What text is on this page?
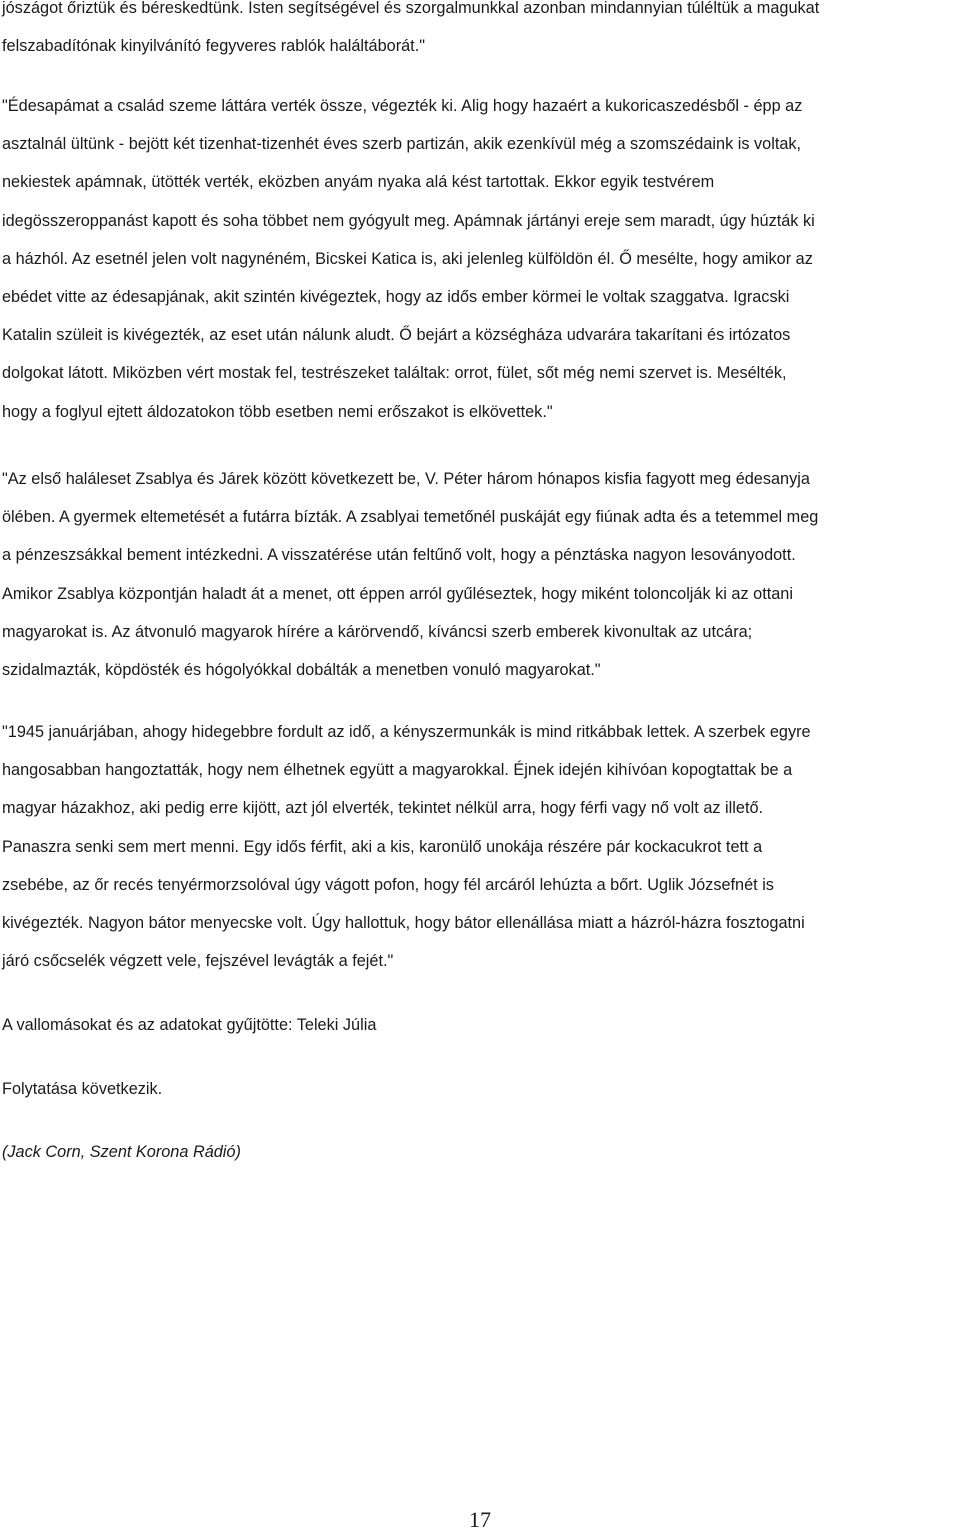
jószágot őriztük és béreskedtünk. Isten segítségével és szorgalmunkkal azonban mindannyian túléltük a magukat
felszabadítónak kinyilvánító fegyveres rablók haláltáborát."
"Édesapámat a család szeme láttára verték össze, végezték ki. Alig hogy hazaért a kukoricaszedésből - épp az
asztalnál ültünk - bejött két tizenhat-tizenhét éves szerb partizán, akik ezenkívül még a szomszédaink is voltak,
nekiestek apámnak, ütötték verték, eközben anyám nyaka alá kést tartottak. Ekkor egyik testvérem
idegösszeroppanást kapott és soha többet nem gyógyult meg. Apámnak jártányi ereje sem maradt, úgy húzták ki
a házhól. Az esetnél jelen volt nagynéném, Bicskei Katica is, aki jelenleg külföldön él. Ő mesélte, hogy amikor az
ebédet vitte az édesapjának, akit szintén kivégeztek, hogy az idős ember körmei le voltak szaggatva. Igracski
Katalin szüleit is kivégezték, az eset után nálunk aludt. Ő bejárt a községháza udvarára takarítani és irtózatos
dolgokat látott. Miközben vért mostak fel, testrészeket találtak: orrot, fület, sőt még nemi szervet is. Mesélték,
hogy a foglyul ejtett áldozatokon több esetben nemi erőszakot is elkövettek."
"Az első haláleset Zsablya és Járek között következett be, V. Péter három hónapos kisfia fagyott meg édesanyja
ölében. A gyermek eltemetését a futárra bízták. A zsablyai temetőnél puskáját egy fiúnak adta és a tetemmel meg
a pénzeszsákkal bement intézkedni. A visszatérése után feltűnő volt, hogy a pénztáska nagyon lesoványodott.
Amikor Zsablya központján haladt át a menet, ott éppen arról gyűléseztek, hogy miként toloncolják ki az ottani
magyarokat is. Az átvonuló magyarok hírére a kárörvendő, kíváncsi szerb emberek kivonultak az utcára;
szidalmazták, köpdösték és hógolyókkal dobálták a menetben vonuló magyarokat."
"1945 januárjában, ahogy hidegebbre fordult az idő, a kényszermunkák is mind ritkábbak lettek. A szerbek egyre
hangosabban hangoztatták, hogy nem élhetnek együtt a magyarokkal. Éjnek idején kihívóan kopogtattak be a
magyar házakhoz, aki pedig erre kijött, azt jól elverték, tekintet nélkül arra, hogy férfi vagy nő volt az illető.
Panaszra senki sem mert menni. Egy idős férfit, aki a kis, karonülő unokája részére pár kockacukrot tett a
zsebébe, az őr recés tenyérmorzsolóval úgy vágott pofon, hogy fél arcáról lehúzta a bőrt. Uglik Józsefnét is
kivégezték. Nagyon bátor menyecske volt. Úgy hallottuk, hogy bátor ellenállása miatt a házról-házra fosztogatni
járó csőcselék végzett vele, fejszével levágták a fejét."
A vallomásokat és az adatokat gyűjtötte: Teleki Júlia
Folytatása következik.
(Jack Corn, Szent Korona Rádió)
17
